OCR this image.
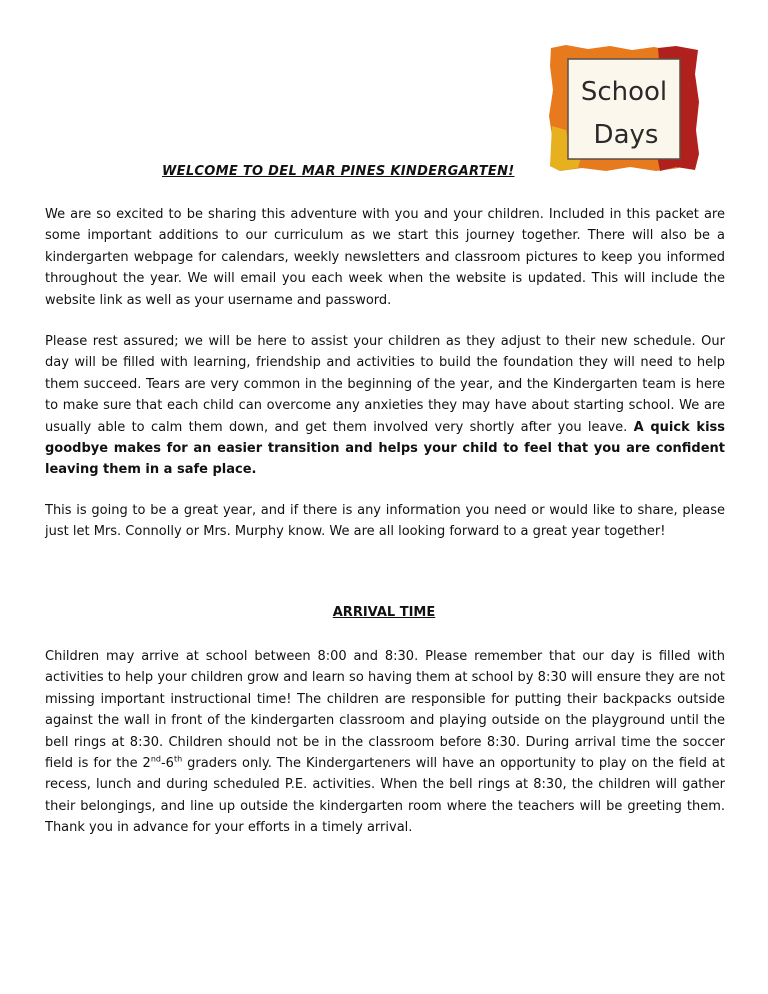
School
Days
WELCOME TO DEL MAR PINES KINDERGARTEN!

We are so excited to be sharing this adventure with you and your children. Included in this packet are some important additions to our curriculum as we start this journey together. There will also be a kindergarten webpage for calendars, weekly newsletters and classroom pictures to keep you informed throughout the year. We will email you each week when the website is updated. This will include the website link as well as your username and password.

Please rest assured; we will be here to assist your children as they adjust to their new schedule. Our day will be filled with learning, friendship and activities to build the foundation they will need to help them succeed. Tears are very common in the beginning of the year, and the Kindergarten team is here to make sure that each child can overcome any anxieties they may have about starting school. We are usually able to calm them down, and get them involved very shortly after you leave. A quick kiss goodbye makes for an easier transition and helps your child to feel that you are confident leaving them in a safe place.

This is going to be a great year, and if there is any information you need or would like to share, please just let Mrs. Connolly or Mrs. Murphy know. We are all looking forward to a great year together!

ARRIVAL TIME

Children may arrive at school between 8:00 and 8:30. Please remember that our day is filled with activities to help your children grow and learn so having them at school by 8:30 will ensure they are not missing important instructional time! The children are responsible for putting their backpacks outside against the wall in front of the kindergarten classroom and playing outside on the playground until the bell rings at 8:30. Children should not be in the classroom before 8:30. During arrival time the soccer field is for the 2nd-6th graders only. The Kindergarteners will have an opportunity to play on the field at recess, lunch and during scheduled P.E. activities. When the bell rings at 8:30, the children will gather their belongings, and line up outside the kindergarten room where the teachers will be greeting them. Thank you in advance for your efforts in a timely arrival.
